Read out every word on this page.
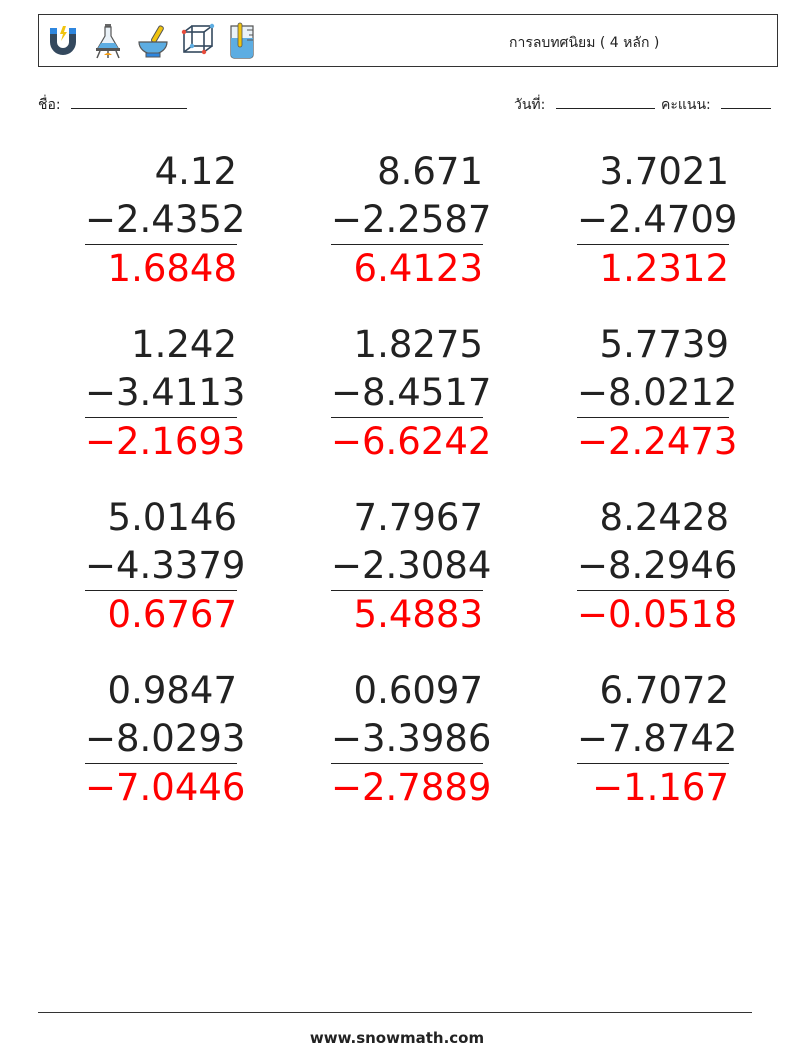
การลบทศนิยม ( 4 หลัก )
ชื่อ:	วันที่:	คะแนน:
4.12
−2.4352
1.6848
8.671
−2.2587
6.4123
3.7021
−2.4709
1.2312
1.242
−3.4113
−2.1693
1.8275
−8.4517
−6.6242
5.7739
−8.0212
−2.2473
5.0146
−4.3379
0.6767
7.7967
−2.3084
5.4883
8.2428
−8.2946
−0.0518
0.9847
−8.0293
−7.0446
0.6097
−3.3986
−2.7889
6.7072
−7.8742
−1.167
www.snowmath.com
